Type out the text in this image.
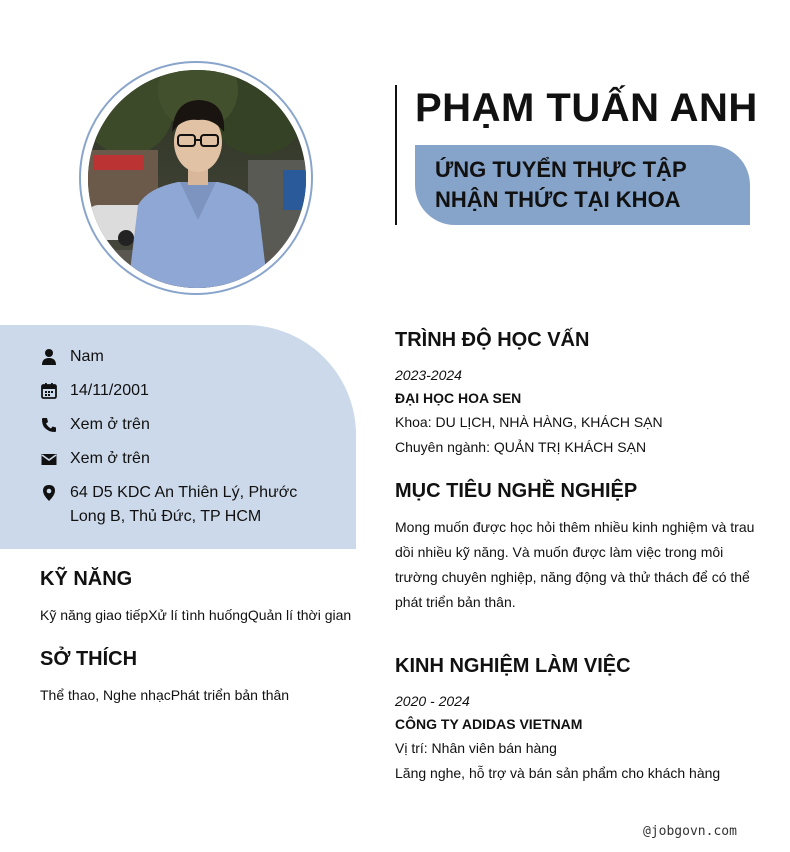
PHẠM TUẤN ANH
ỨNG TUYỂN THỰC TẬP
NHẬN THỨC TẠI KHOA
Nam
14/11/2001
Xem ở trên
Xem ở trên
64 D5 KDC An Thiên Lý, Phước
Long B, Thủ Đức, TP HCM
KỸ NĂNG
Kỹ năng giao tiếpXử lí tình huốngQuản lí thời gian
SỞ THÍCH
Thể thao, Nghe nhạcPhát triển bản thân
TRÌNH ĐỘ HỌC VẤN
2023-2024
ĐẠI HỌC HOA SEN
Khoa: DU LỊCH, NHÀ HÀNG, KHÁCH SẠN
Chuyên ngành: QUẢN TRỊ KHÁCH SẠN
MỤC TIÊU NGHỀ NGHIỆP
Mong muốn được học hỏi thêm nhiều kinh nghiệm và trau dồi nhiều kỹ năng. Và muốn được làm việc trong môi trường chuyên nghiệp, năng động và thử thách để có thể phát triển bản thân.
KINH NGHIỆM LÀM VIỆC
2020 - 2024
CÔNG TY ADIDAS VIETNAM
Vị trí: Nhân viên bán hàng
Lăng nghe, hỗ trợ và bán sản phẩm cho khách hàng
@jobgovn.com
